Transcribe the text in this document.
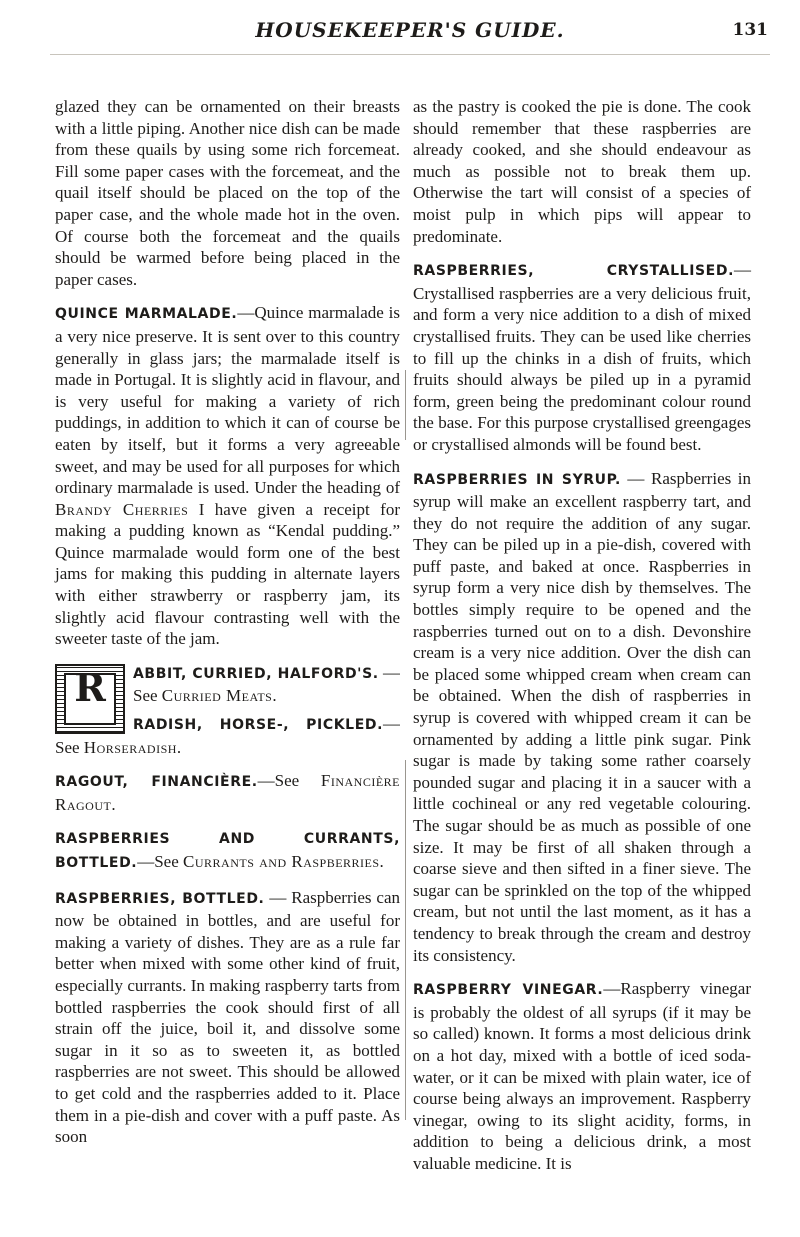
HOUSEKEEPER'S GUIDE.	131

glazed they can be ornamented on their breasts with a little piping. Another nice dish can be made from these quails by using some rich forcemeat. Fill some paper cases with the forcemeat, and the quail itself should be placed on the top of the paper case, and the whole made hot in the oven. Of course both the forcemeat and the quails should be warmed before being placed in the paper cases.

QUINCE MARMALADE.—Quince marmalade is a very nice preserve. It is sent over to this country generally in glass jars; the marmalade itself is made in Portugal. It is slightly acid in flavour, and is very useful for making a variety of rich puddings, in addition to which it can of course be eaten by itself, but it forms a very agreeable sweet, and may be used for all purposes for which ordinary marmalade is used. Under the heading of Brandy Cherries I have given a receipt for making a pudding known as “Kendal pudding.” Quince marmalade would form one of the best jams for making this pudding in alternate layers with either strawberry or raspberry jam, its slightly acid flavour contrasting well with the sweeter taste of the jam.

R	ABBIT, CURRIED, HALFORD'S. — See Curried Meats.

RADISH, HORSE-, PICKLED.—See Horseradish.

RAGOUT, FINANCIÈRE.—See Financière Ragout.

RASPBERRIES AND CURRANTS, BOTTLED.—See Currants and Raspberries.

RASPBERRIES, BOTTLED. — Raspberries can now be obtained in bottles, and are useful for making a variety of dishes. They are as a rule far better when mixed with some other kind of fruit, especially currants. In making raspberry tarts from bottled raspberries the cook should first of all strain off the juice, boil it, and dissolve some sugar in it so as to sweeten it, as bottled raspberries are not sweet. This should be allowed to get cold and the raspberries added to it. Place them in a pie-dish and cover with a puff paste. As soon

as the pastry is cooked the pie is done. The cook should remember that these raspberries are already cooked, and she should endeavour as much as possible not to break them up. Otherwise the tart will consist of a species of moist pulp in which pips will appear to predominate.

RASPBERRIES, CRYSTALLISED.— Crystallised raspberries are a very delicious fruit, and form a very nice addition to a dish of mixed crystallised fruits. They can be used like cherries to fill up the chinks in a dish of fruits, which fruits should always be piled up in a pyramid form, green being the predominant colour round the base. For this purpose crystallised greengages or crystallised almonds will be found best.

RASPBERRIES IN SYRUP. — Raspberries in syrup will make an excellent raspberry tart, and they do not require the addition of any sugar. They can be piled up in a pie-dish, covered with puff paste, and baked at once. Raspberries in syrup form a very nice dish by themselves. The bottles simply require to be opened and the raspberries turned out on to a dish. Devonshire cream is a very nice addition. Over the dish can be placed some whipped cream when cream can be obtained. When the dish of raspberries in syrup is covered with whipped cream it can be ornamented by adding a little pink sugar. Pink sugar is made by taking some rather coarsely pounded sugar and placing it in a saucer with a little cochineal or any red vegetable colouring. The sugar should be as much as possible of one size. It may be first of all shaken through a coarse sieve and then sifted in a finer sieve. The sugar can be sprinkled on the top of the whipped cream, but not until the last moment, as it has a tendency to break through the cream and destroy its consistency.

RASPBERRY VINEGAR.—Raspberry vinegar is probably the oldest of all syrups (if it may be so called) known. It forms a most delicious drink on a hot day, mixed with a bottle of iced soda-water, or it can be mixed with plain water, ice of course being always an improvement. Raspberry vinegar, owing to its slight acidity, forms, in addition to being a delicious drink, a most valuable medicine. It is
